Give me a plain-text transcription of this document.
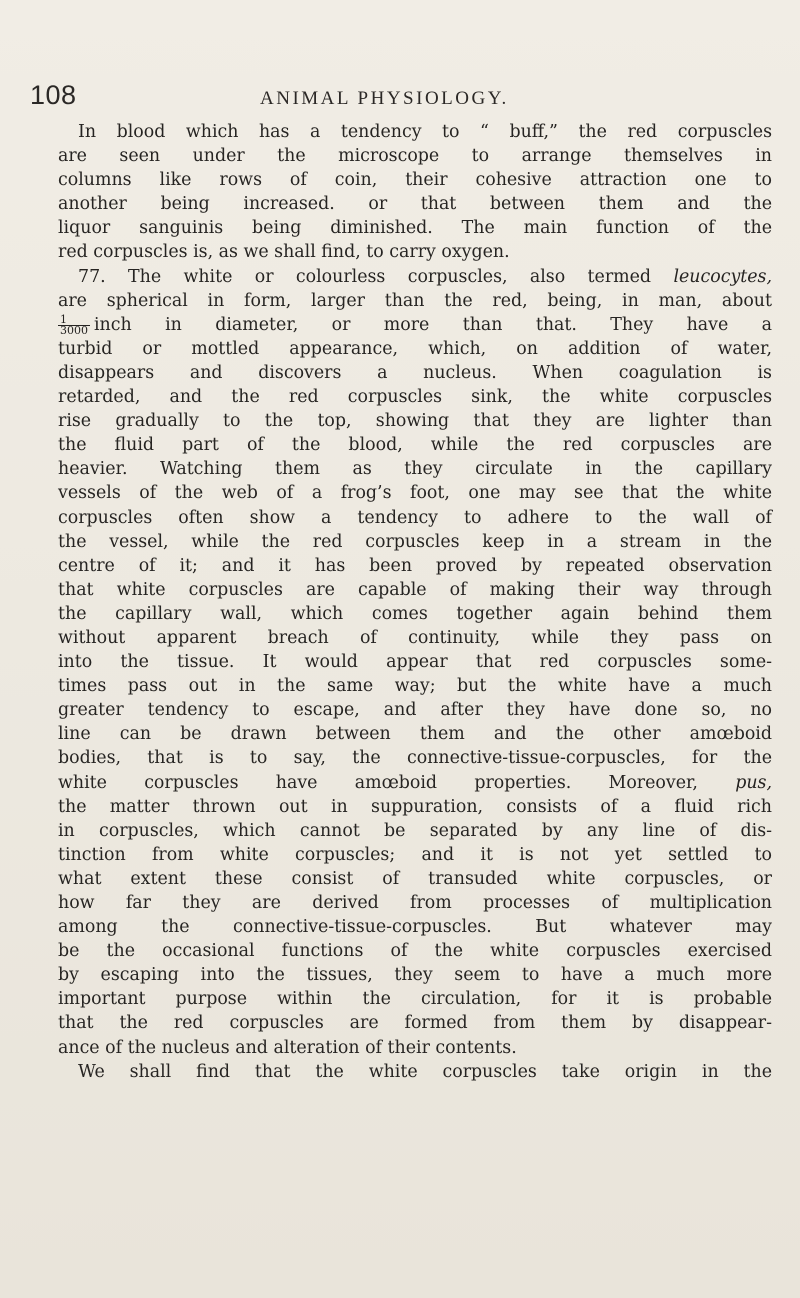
108	ANIMAL PHYSIOLOGY.

In blood which has a tendency to “ buff,” the red corpuscles
are seen under the microscope to arrange themselves in
columns like rows of coin, their cohesive attraction one to
another being increased. or that between them and the
liquor sanguinis being diminished. The main function of the
red corpuscles is, as we shall find, to carry oxygen.

77. The white or colourless corpuscles, also termed leucocytes,
are spherical in form, larger than the red, being, in man, about
$\frac{1}{3000}$ inch in diameter, or more than that. They have a
turbid or mottled appearance, which, on addition of water,
disappears and discovers a nucleus. When coagulation is
retarded, and the red corpuscles sink, the white corpuscles
rise gradually to the top, showing that they are lighter than
the fluid part of the blood, while the red corpuscles are
heavier. Watching them as they circulate in the capillary
vessels of the web of a frog’s foot, one may see that the white
corpuscles often show a tendency to adhere to the wall of
the vessel, while the red corpuscles keep in a stream in the
centre of it; and it has been proved by repeated observation
that white corpuscles are capable of making their way through
the capillary wall, which comes together again behind them
without apparent breach of continuity, while they pass on
into the tissue. It would appear that red corpuscles some-
times pass out in the same way; but the white have a much
greater tendency to escape, and after they have done so, no
line can be drawn between them and the other amœboid
bodies, that is to say, the connective-tissue-corpuscles, for the
white corpuscles have amœboid properties. Moreover, pus,
the matter thrown out in suppuration, consists of a fluid rich
in corpuscles, which cannot be separated by any line of dis-
tinction from white corpuscles; and it is not yet settled to
what extent these consist of transuded white corpuscles, or
how far they are derived from processes of multiplication
among the connective-tissue-corpuscles. But whatever may
be the occasional functions of the white corpuscles exercised
by escaping into the tissues, they seem to have a much more
important purpose within the circulation, for it is probable
that the red corpuscles are formed from them by disappear-
ance of the nucleus and alteration of their contents.

We shall find that the white corpuscles take origin in the
